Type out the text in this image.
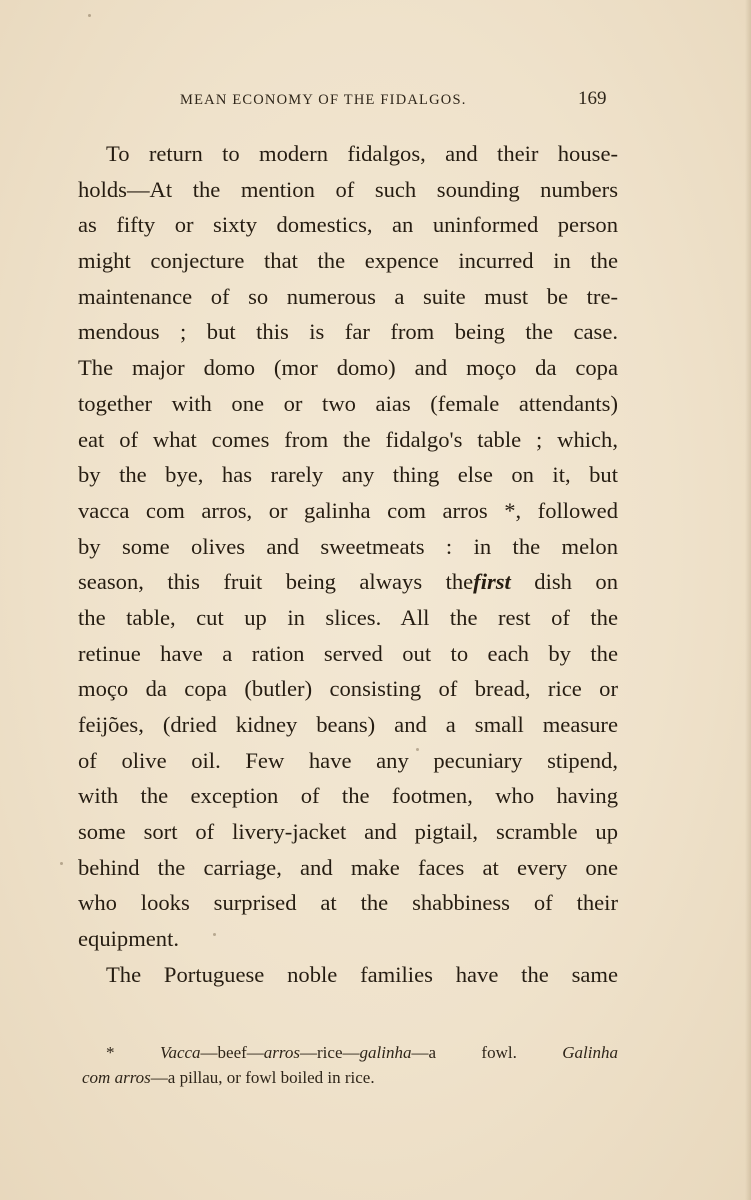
MEAN ECONOMY OF THE FIDALGOS.	169
To return to modern fidalgos, and their house-
holds—At the mention of such sounding numbers
as fifty or sixty domestics, an uninformed person
might conjecture that the expence incurred in the
maintenance of so numerous a suite must be tre-
mendous ; but this is far from being the case.
The major domo (mor domo) and moço da copa
together with one or two aias (female attendants)
eat of what comes from the fidalgo's table ; which,
by the bye, has rarely any thing else on it, but
vacca com arros, or galinha com arros *, followed
by some olives and sweetmeats : in the melon
season, this fruit being always thefirst dish on
the table, cut up in slices. All the rest of the
retinue have a ration served out to each by the
moço da copa (butler) consisting of bread, rice or
feijões, (dried kidney beans) and a small measure
of olive oil. Few have any pecuniary stipend,
with the exception of the footmen, who having
some sort of livery-jacket and pigtail, scramble up
behind the carriage, and make faces at every one
who looks surprised at the shabbiness of their
equipment.
The Portuguese noble families have the same
*	Vacca—beef—arros—rice—galinha—a fowl.	Galinha
com arros—a pillau, or fowl boiled in rice.
